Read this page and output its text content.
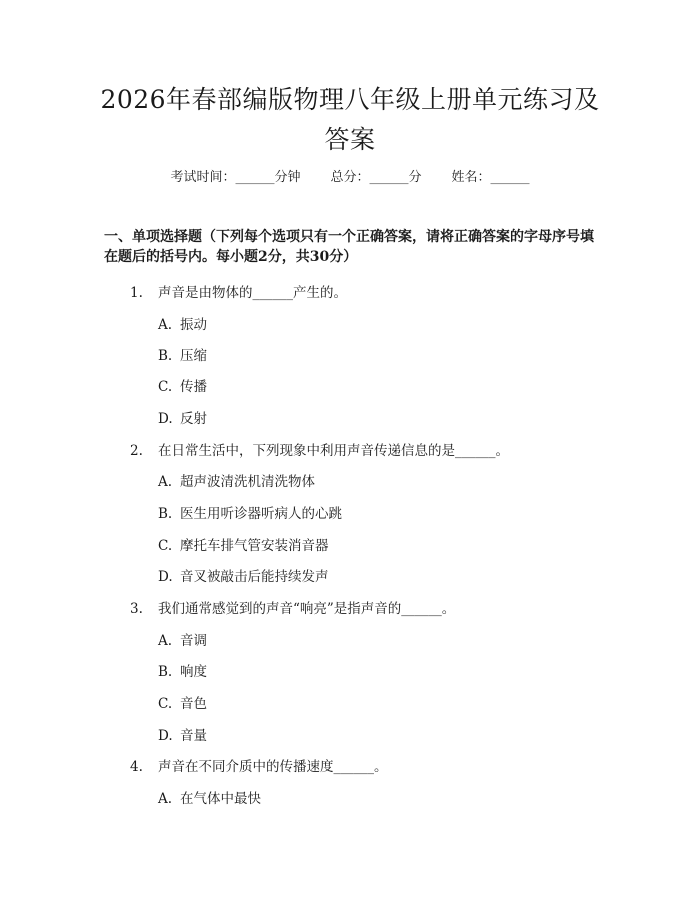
2026年春部编版物理八年级上册单元练习及
答案
考试时间：______分钟 总分：______分 姓名：______
一、单项选择题（下列每个选项只有一个正确答案，请将正确答案的字母序号填
在题后的括号内。每小题2分，共30分）
1. 声音是由物体的______产生的。
A. 振动
B. 压缩
C. 传播
D. 反射
2. 在日常生活中，下列现象中利用声音传递信息的是______。
A. 超声波清洗机清洗物体
B. 医生用听诊器听病人的心跳
C. 摩托车排气管安装消音器
D. 音叉被敲击后能持续发声
3. 我们通常感觉到的声音“响亮”是指声音的______。
A. 音调
B. 响度
C. 音色
D. 音量
4. 声音在不同介质中的传播速度______。
A. 在气体中最快
